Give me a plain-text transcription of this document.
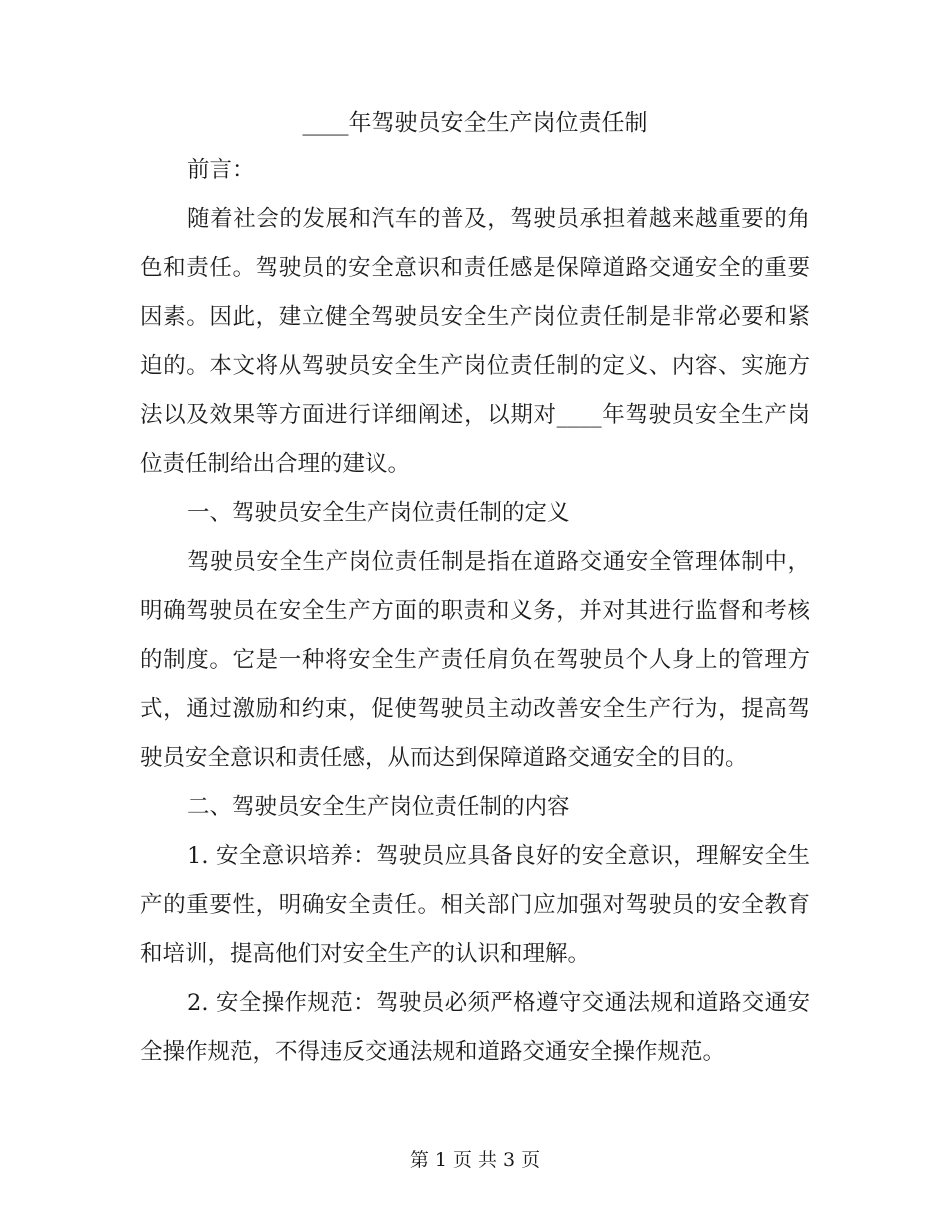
____年驾驶员安全生产岗位责任制

前言：

随着社会的发展和汽车的普及，驾驶员承担着越来越重要的角色和责任。驾驶员的安全意识和责任感是保障道路交通安全的重要因素。因此，建立健全驾驶员安全生产岗位责任制是非常必要和紧迫的。本文将从驾驶员安全生产岗位责任制的定义、内容、实施方法以及效果等方面进行详细阐述，以期对____年驾驶员安全生产岗位责任制给出合理的建议。

一、驾驶员安全生产岗位责任制的定义

驾驶员安全生产岗位责任制是指在道路交通安全管理体制中，明确驾驶员在安全生产方面的职责和义务，并对其进行监督和考核的制度。它是一种将安全生产责任肩负在驾驶员个人身上的管理方式，通过激励和约束，促使驾驶员主动改善安全生产行为，提高驾驶员安全意识和责任感，从而达到保障道路交通安全的目的。

二、驾驶员安全生产岗位责任制的内容

1. 安全意识培养：驾驶员应具备良好的安全意识，理解安全生产的重要性，明确安全责任。相关部门应加强对驾驶员的安全教育和培训，提高他们对安全生产的认识和理解。

2. 安全操作规范：驾驶员必须严格遵守交通法规和道路交通安全操作规范，不得违反交通法规和道路交通安全操作规范。

第 1 页 共 3 页
